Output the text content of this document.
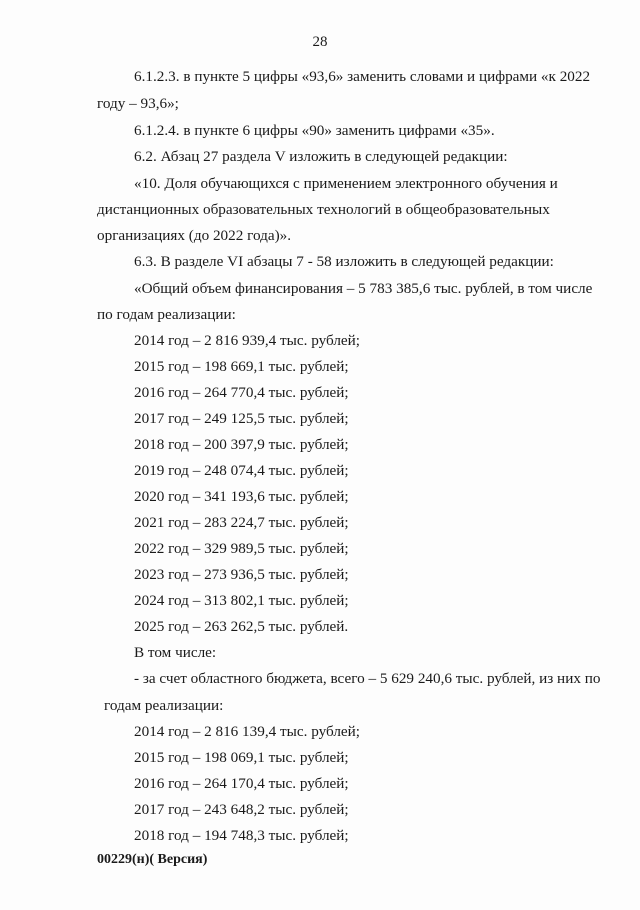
28
6.1.2.3. в пункте 5 цифры «93,6» заменить словами и цифрами «к 2022
году – 93,6»;
6.1.2.4. в пункте 6 цифры «90» заменить цифрами «35».
6.2. Абзац 27 раздела V изложить в следующей редакции:
«10. Доля обучающихся с применением электронного обучения и
дистанционных образовательных технологий в общеобразовательных
организациях (до 2022 года)».
6.3. В разделе VI абзацы 7 - 58 изложить в следующей редакции:
«Общий объем финансирования – 5 783 385,6 тыс. рублей, в том числе
по годам реализации:
2014 год – 2 816 939,4 тыс. рублей;
2015 год – 198 669,1 тыс. рублей;
2016 год – 264 770,4 тыс. рублей;
2017 год – 249 125,5 тыс. рублей;
2018 год – 200 397,9 тыс. рублей;
2019 год – 248 074,4 тыс. рублей;
2020 год – 341 193,6 тыс. рублей;
2021 год – 283 224,7 тыс. рублей;
2022 год – 329 989,5 тыс. рублей;
2023 год – 273 936,5 тыс. рублей;
2024 год – 313 802,1 тыс. рублей;
2025 год – 263 262,5 тыс. рублей.
В том числе:
- за счет областного бюджета, всего – 5 629 240,6 тыс. рублей, из них по
годам реализации:
2014 год – 2 816 139,4 тыс. рублей;
2015 год – 198 069,1 тыс. рублей;
2016 год – 264 170,4 тыс. рублей;
2017 год – 243 648,2 тыс. рублей;
2018 год – 194 748,3 тыс. рублей;
00229(н)( Версия)
